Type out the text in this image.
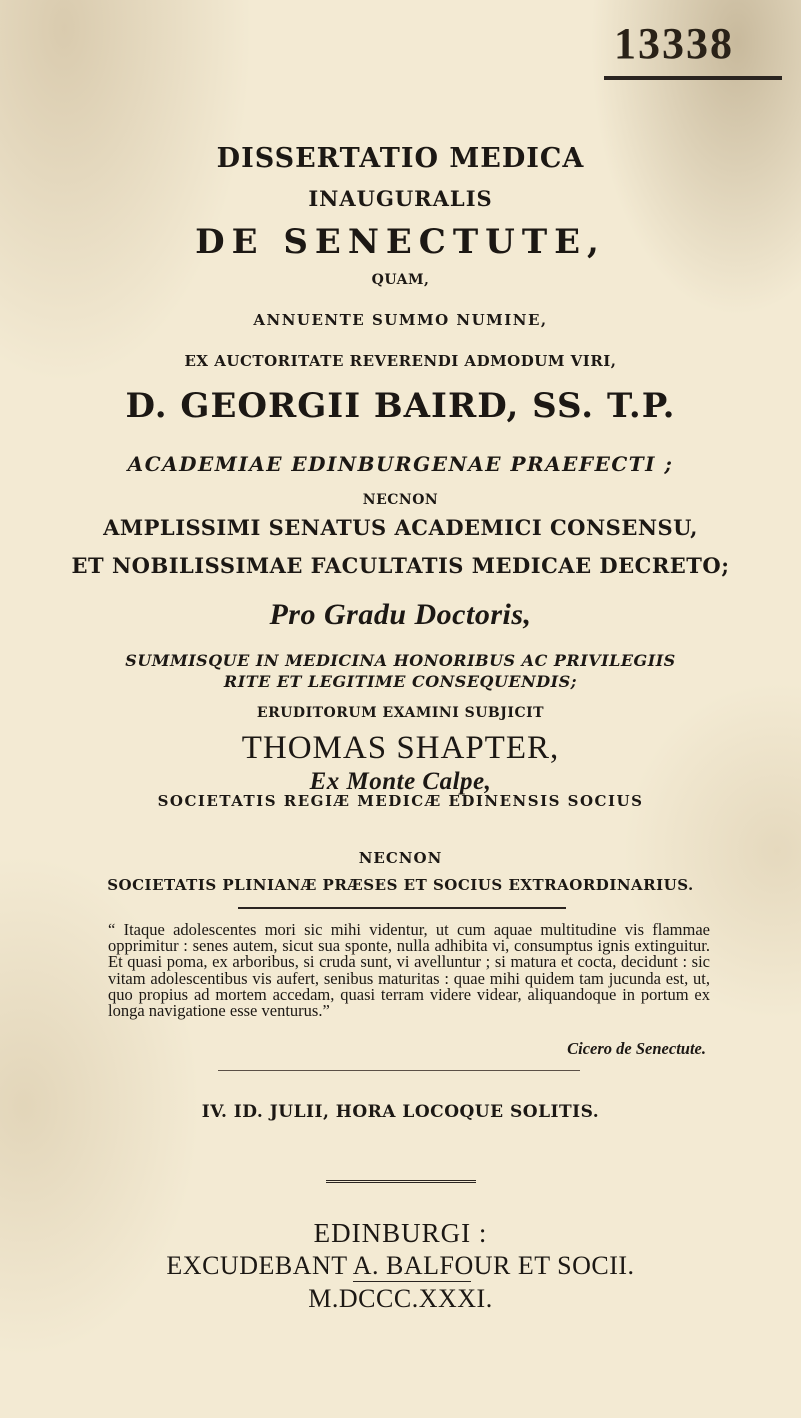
13338
DISSERTATIO MEDICA
INAUGURALIS
DE SENECTUTE,
QUAM,
ANNUENTE SUMMO NUMINE,
EX AUCTORITATE REVERENDI ADMODUM VIRI,
D. GEORGII BAIRD, SS. T.P.
ACADEMIAE EDINBURGENAE PRAEFECTI ;
NECNON
AMPLISSIMI SENATUS ACADEMICI CONSENSU,
ET NOBILISSIMAE FACULTATIS MEDICAE DECRETO;
Pro Gradu Doctoris,
SUMMISQUE IN MEDICINA HONORIBUS AC PRIVILEGIIS
RITE ET LEGITIME CONSEQUENDIS;
ERUDITORUM EXAMINI SUBJICIT
THOMAS SHAPTER,
Ex Monte Calpe,
SOCIETATIS REGIÆ MEDICÆ EDINENSIS SOCIUS
“ Itaque adolescentes mori sic mihi videntur, ut cum aquae multitudine vis flammae opprimitur : senes autem, sicut sua sponte, nulla adhibita vi, consumptus ignis extinguitur. Et quasi poma, ex arboribus, si cruda sunt, vi avelluntur ; si matura et cocta, decidunt : sic vitam adolescentibus vis aufert, senibus maturitas : quae mihi quidem tam jucunda est, ut, quo propius ad mortem accedam, quasi terram videre videar, aliquandoque in portum ex longa navigatione esse venturus.”
Cicero de Senectute.
IV. ID. JULII, HORA LOCOQUE SOLITIS.
EDINBURGI :
EXCUDEBANT A. BALFOUR ET SOCII.
M.DCCC.XXXI.
NECNON
SOCIETATIS PLINIANÆ PRÆSES ET SOCIUS EXTRAORDINARIUS.
